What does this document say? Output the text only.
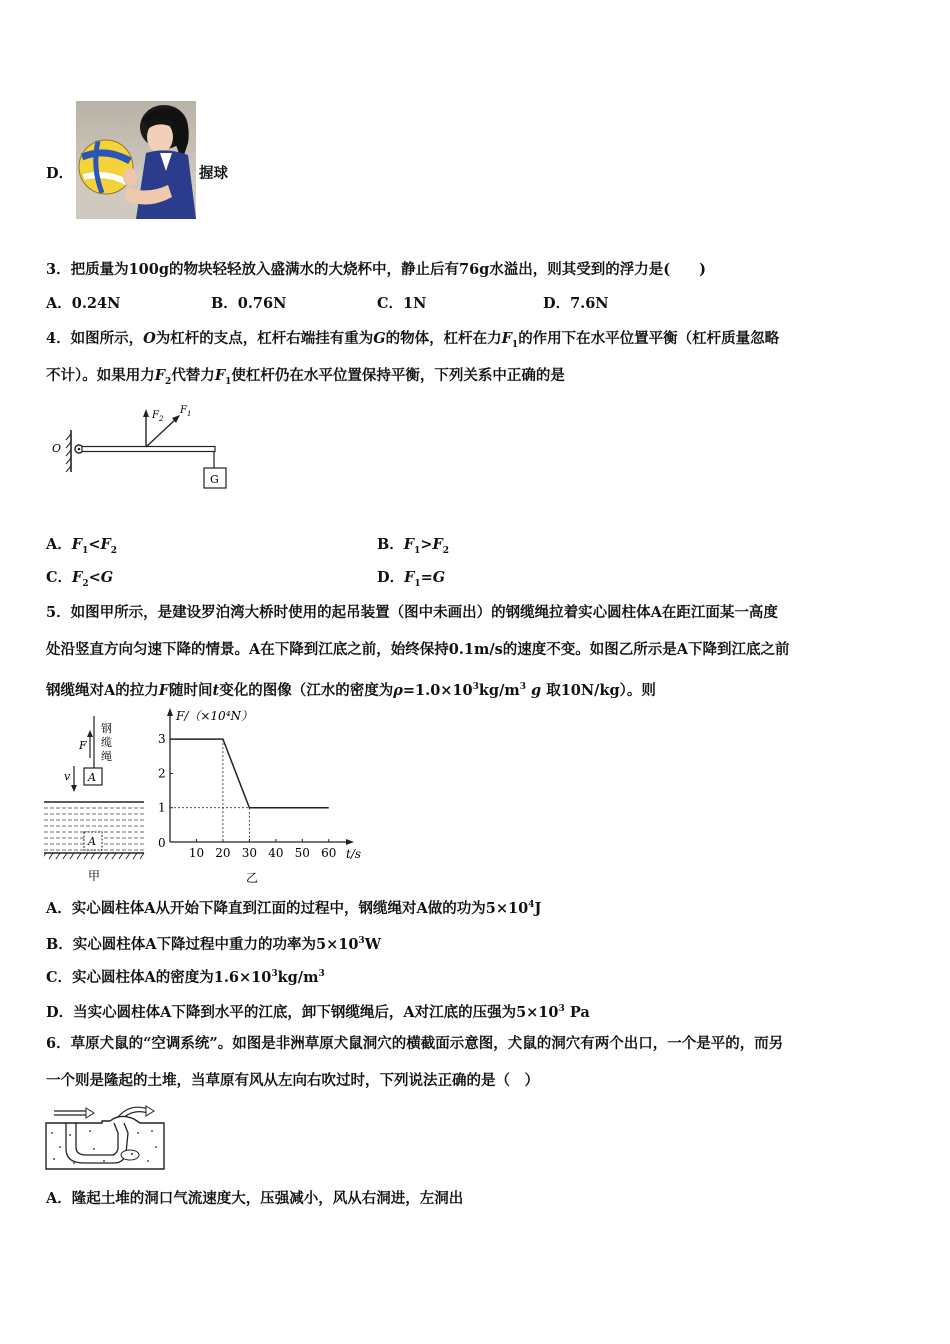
D．	握球
3．把质量为100g的物块轻轻放入盛满水的大烧杯中，静止后有76g水溢出，则其受到的浮力是(　　)
A．0.24N	B．0.76N	C．1N	D．7.6N
4．如图所示，O为杠杆的支点，杠杆右端挂有重为G的物体，杠杆在力$F_1$的作用下在水平位置平衡（杠杆质量忽略
不计）。如果用力$F_2$代替力$F_1$使杠杆仍在水平位置保持平衡，下列关系中正确的是
O
$F_2$
$F_1$
G
A．$F_1<F_2$	B．$F_1>F_2$
C．$F_2<G$	D．$F_1=G$
5．如图甲所示，是建设罗泊湾大桥时使用的起吊装置（图中未画出）的钢缆绳拉着实心圆柱体A在距江面某一高度
处沿竖直方向匀速下降的情景。A在下降到江底之前，始终保持0.1m/s的速度不变。如图乙所示是A下降到江底之前
钢缆绳对A的拉力F随时间t变化的图像（江水的密度为$\rho=1.0\times 10^3kg/m^3$ g 取10N/kg）。则
钢
缆
绳
F
A
v
A
甲
F/（×10⁴N）
t/s
0
10 20 30 40 50 60
1
2
3
乙
A．实心圆柱体A从开始下降直到江面的过程中，钢缆绳对A做的功为$5\times 10^4J$
B．实心圆柱体A下降过程中重力的功率为$5\times 10^3W$
C．实心圆柱体A的密度为$1.6\times 10^3kg/m^3$
D．当实心圆柱体A下降到水平的江底，卸下钢缆绳后，A对江底的压强为$5\times 10^3$ Pa
6．草原犬鼠的“空调系统”。如图是非洲草原犬鼠洞穴的横截面示意图，犬鼠的洞穴有两个出口，一个是平的，而另
一个则是隆起的土堆，当草原有风从左向右吹过时，下列说法正确的是（　）
A．隆起土堆的洞口气流速度大，压强减小，风从右洞进，左洞出
